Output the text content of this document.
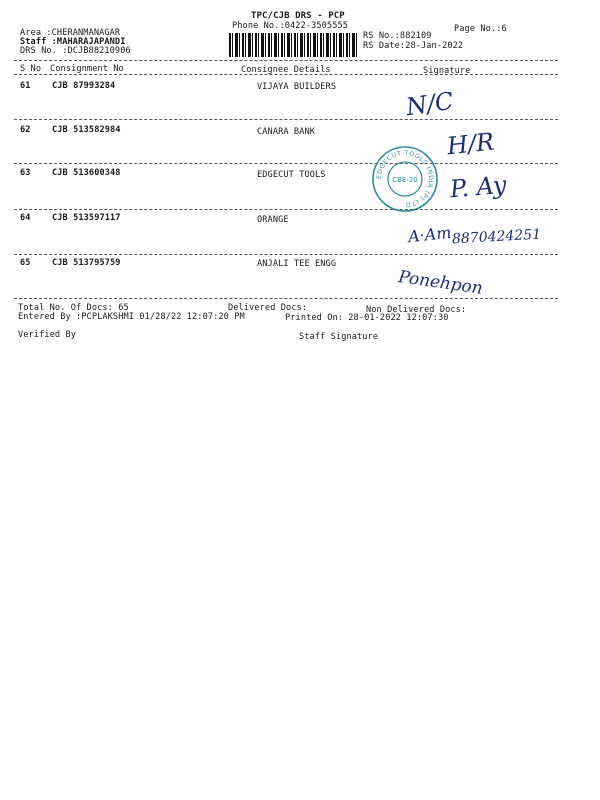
TPC/CJB DRS - PCP
Phone No.:0422-3505555	Page No.:6
Area :CHERANMANAGAR
Staff :MAHARAJAPANDI
DRS No. :DCJB88210906
RS No.:882109
RS Date:28-Jan-2022
S No Consignment No	Consignee Details	Signature
61 CJB 87993284	VIJAYA BUILDERS	N/C
62 CJB 513582984	CANARA BANK	H/R
63 CJB 513600348	EDGECUT TOOLS	EDGECUT TOOLS INDIA (P) LTD
CBE-20 P. Ay
64 CJB 513597117	ORANGE
A·Am 8870424251
65 CJB 513795759	ANJALI TEE ENGG
Ponehpon
Total No. Of Docs: 65	Delivered Docs:	Non Delivered Docs:
Entered By :PCPLAKSHMI 01/28/22 12:07:20 PM	Printed On: 28-01-2022 12:07:30
Verified By	Staff Signature
